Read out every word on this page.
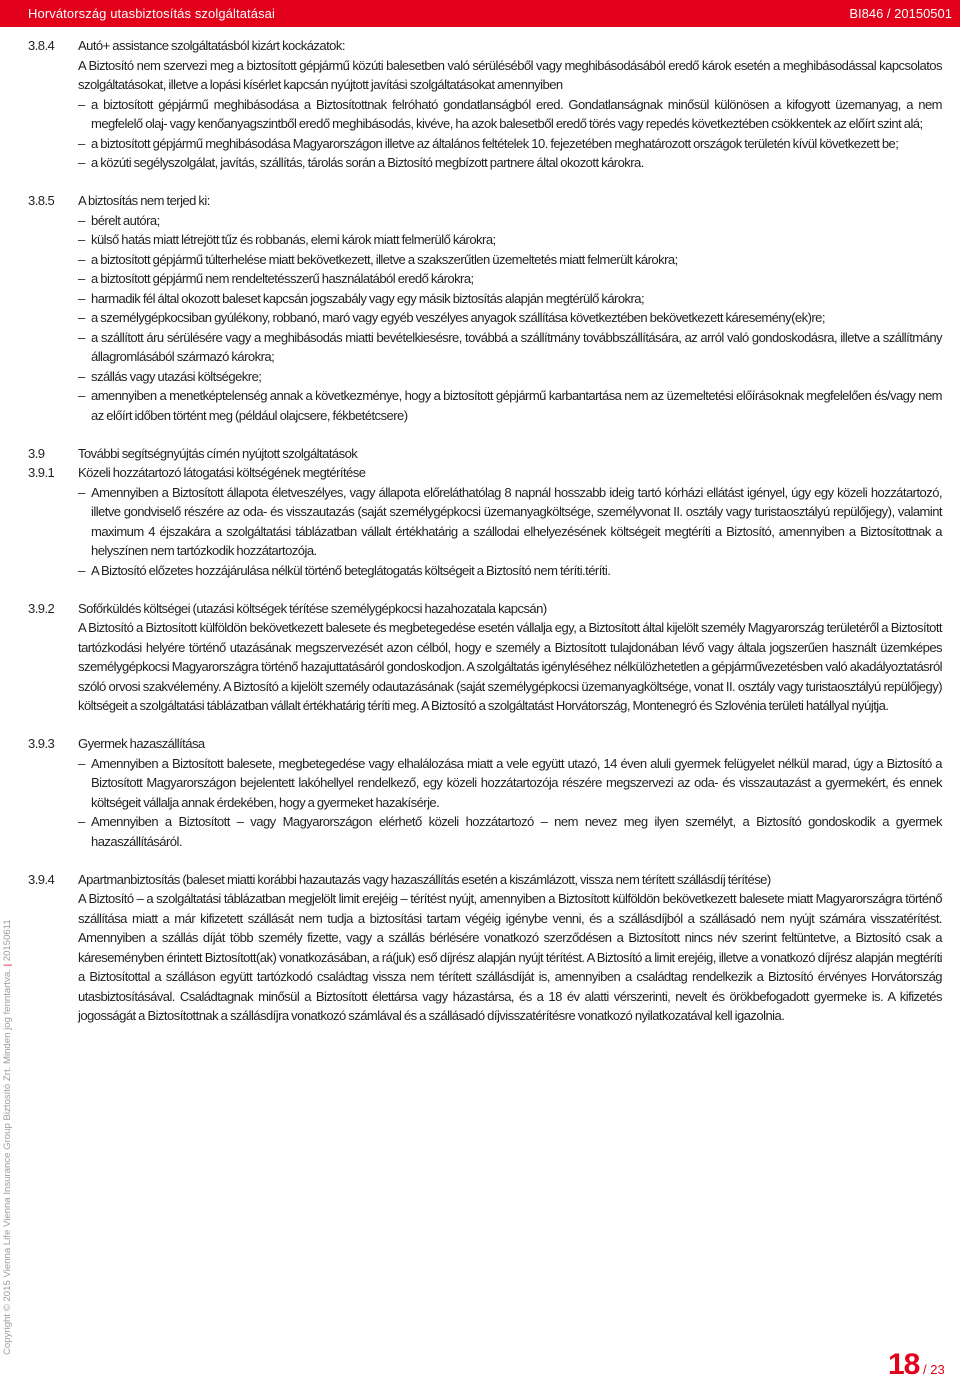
Horvátország utasbiztosítás szolgáltatásai	BI846 / 20150501
Copyright © 2015 Vienna Life Vienna Insurance Group Biztosító Zrt. Minden jog fenntartva. | 20150611
3.8.4	Autó+ assistance szolgáltatásból kizárt kockázatok:

A Biztosító nem szervezi meg a biztosított gépjármű közúti balesetben való sérüléséből vagy meghibásodásából eredő károk esetén a meghibásodással kapcsolatos szolgáltatásokat, illetve a lopási kísérlet kapcsán nyújtott javítási szolgáltatásokat amennyiben

– a biztosított gépjármű meghibásodása a Biztosítottnak felróható gondatlanságból ered. Gondatlanságnak minősül különösen a kifogyott üzemanyag, a nem megfelelő olaj- vagy kenőanyagszintből eredő meghibásodás, kivéve, ha azok balesetből eredő törés vagy repedés következtében csökkentek az előírt szint alá;
– a biztosított gépjármű meghibásodása Magyarországon illetve az általános feltételek 10. fejezetében meghatározott országok területén kívül következett be;
– a közúti segélyszolgálat, javítás, szállítás, tárolás során a Biztosító megbízott partnere által okozott károkra.
3.8.5	A biztosítás nem terjed ki:
– bérelt autóra;
– külső hatás miatt létrejött tűz és robbanás, elemi károk miatt felmerülő károkra;
– a biztosított gépjármű túlterhelése miatt bekövetkezett, illetve a szakszerűtlen üzemeltetés miatt felmerült károkra;
– a biztosított gépjármű nem rendeltetésszerű használatából eredő károkra;
– harmadik fél által okozott baleset kapcsán jogszabály vagy egy másik biztosítás alapján megtérülő károkra;
– a személygépkocsiban gyúlékony, robbanó, maró vagy egyéb veszélyes anyagok szállítása következtében bekövetkezett káresemény(ek)re;
– a szállított áru sérülésére vagy a meghibásodás miatti bevételkiesésre, továbbá a szállítmány továbbszállítására, az arról való gondoskodásra, illetve a szállítmány állagromlásából származó károkra;
– szállás vagy utazási költségekre;
– amennyiben a menetképtelenség annak a következménye, hogy a biztosított gépjármű karbantartása nem az üzemeltetési előírásoknak megfelelően és/vagy nem az előírt időben történt meg (például olajcsere, fékbetétcsere)
3.9	További segítségnyújtás címén nyújtott szolgáltatások
3.9.1	Közeli hozzátartozó látogatási költségének megtérítése
– Amennyiben a Biztosított állapota életveszélyes, vagy állapota előreláthatólag 8 napnál hosszabb ideig tartó kórházi ellátást igényel, úgy egy közeli hozzátartozó, illetve gondviselő részére az oda- és visszautazás (saját személygépkocsi üzemanyagköltsége, személyvonat II. osztály vagy turistaosztályú repülőjegy), valamint maximum 4 éjszakára a szolgáltatási táblázatban vállalt értékhatárig a szállodai elhelyezésének költségeit megtéríti a Biztosító, amennyiben a Biztosítottnak a helyszínen nem tartózkodik hozzátartozója.
– A Biztosító előzetes hozzájárulása nélkül történő beteglátogatás költségeit a Biztosító nem téríti.téríti.
3.9.2	Sofőrküldés költségei (utazási költségek térítése személygépkocsi hazahozatala kapcsán)

A Biztosító a Biztosított külföldön bekövetkezett balesete és megbetegedése esetén vállalja egy, a Biztosított által kijelölt személy Magyarország területéről a Biztosított tartózkodási helyére történő utazásának megszervezését azon célból, hogy e személy a Biztosított tulajdonában lévő vagy általa jogszerűen használt üzemképes személygépkocsi Magyarországra történő hazajuttatásáról gondoskodjon. A szolgáltatás igényléséhez nélkülözhetetlen a gépjárművezetésben való akadályoztatásról szóló orvosi szakvélemény. A Biztosító a kijelölt személy odautazásának (saját személygépkocsi üzemanyagköltsége, vonat II. osztály vagy turistaosztályú repülőjegy) költségeit a szolgáltatási táblázatban vállalt értékhatárig téríti meg. A Biztosító a szolgáltatást Horvátország, Montenegró és Szlovénia területi hatállyal nyújtja.

3.9.3	Gyermek hazaszállítása
– Amennyiben a Biztosított balesete, megbetegedése vagy elhalálozása miatt a vele együtt utazó, 14 éven aluli gyermek felügyelet nélkül marad, úgy a Biztosító a Biztosított Magyarországon bejelentett lakóhellyel rendelkező, egy közeli hozzátartozója részére megszervezi az oda- és visszautazást a gyermekért, és ennek költségeit vállalja annak érdekében, hogy a gyermeket hazakísérje.
– Amennyiben a Biztosított – vagy Magyarországon elérhető közeli hozzátartozó – nem nevez meg ilyen személyt, a Biztosító gondoskodik a gyermek hazaszállításáról.
3.9.4	Apartmanbiztosítás (baleset miatti korábbi hazautazás vagy hazaszállítás esetén a kiszámlázott, vissza nem térített szállásdíj térítése)

A Biztosító – a szolgáltatási táblázatban megjelölt limit erejéig – térítést nyújt, amennyiben a Biztosított külföldön bekövetkezett balesete miatt Magyarországra történő szállítása miatt a már kifizetett szállását nem tudja a biztosítási tartam végéig igénybe venni, és a szállásdíjból a szállásadó nem nyújt számára visszatérítést. Amennyiben a szállás díját több személy fizette, vagy a szállás bérlésére vonatkozó szerződésen a Biztosított nincs név szerint feltüntetve, a Biztosító csak a káreseményben érintett Biztosított(ak) vonatkozásában, a rá(juk) eső díjrész alapján nyújt térítést. A Biztosító a limit erejéig, illetve a vonatkozó díjrész alapján megtéríti a Biztosítottal a szálláson együtt tartózkodó családtag vissza nem térített szállásdíját is, amennyiben a családtag rendelkezik a Biztosító érvényes Horvátország utasbiztosításával. Családtagnak minősül a Biztosított élettársa vagy házastársa, és a 18 év alatti vérszerinti, nevelt és örökbefogadott gyermeke is. A kifizetés jogosságát a Biztosítottnak a szállásdíjra vonatkozó számlával és a szállásadó díjvisszatérítésre vonatkozó nyilatkozatával kell igazolnia.

18 / 23
